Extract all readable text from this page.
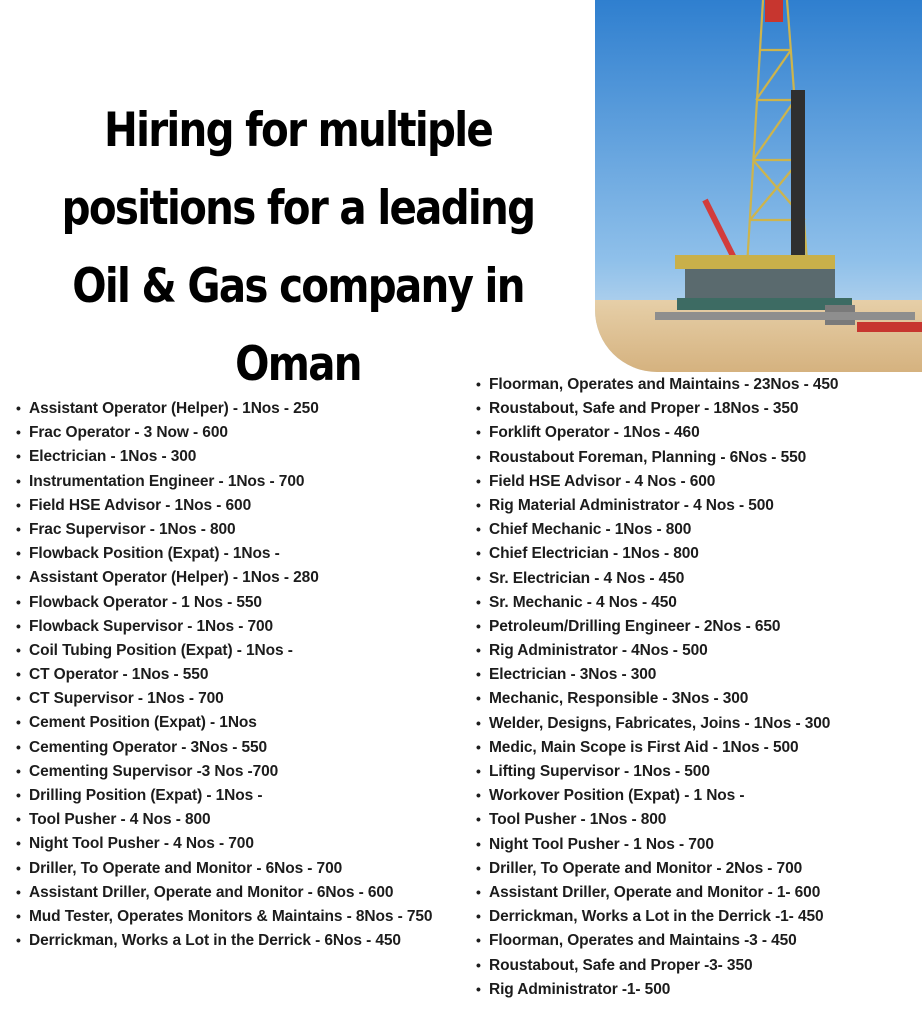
Hiring for multiple positions for a leading Oil & Gas company in Oman
• Assistant Operator (Helper) - 1Nos - 250
• Frac Operator - 3 Now - 600
• Electrician - 1Nos - 300
• Instrumentation Engineer - 1Nos - 700
• Field HSE Advisor - 1Nos - 600
• Frac Supervisor - 1Nos - 800
• Flowback Position (Expat) - 1Nos -
• Assistant Operator (Helper) - 1Nos - 280
• Flowback Operator - 1 Nos - 550
• Flowback Supervisor - 1Nos - 700
• Coil Tubing Position (Expat) - 1Nos -
• CT Operator - 1Nos - 550
• CT Supervisor - 1Nos - 700
• Cement Position (Expat) - 1Nos
• Cementing Operator - 3Nos - 550
• Cementing Supervisor -3 Nos -700
• Drilling Position (Expat) - 1Nos -
• Tool Pusher - 4 Nos - 800
• Night Tool Pusher - 4 Nos - 700
• Driller, To Operate and Monitor - 6Nos - 700
• Assistant Driller, Operate and Monitor - 6Nos - 600
• Mud Tester, Operates Monitors & Maintains - 8Nos - 750
• Derrickman, Works a Lot in the Derrick - 6Nos - 450
• Floorman, Operates and Maintains - 23Nos - 450
• Roustabout, Safe and Proper - 18Nos - 350
• Forklift Operator - 1Nos - 460
• Roustabout Foreman, Planning - 6Nos - 550
• Field HSE Advisor - 4 Nos - 600
• Rig Material Administrator - 4 Nos - 500
• Chief Mechanic - 1Nos - 800
• Chief Electrician - 1Nos - 800
• Sr. Electrician - 4 Nos - 450
• Sr. Mechanic - 4 Nos - 450
• Petroleum/Drilling Engineer - 2Nos - 650
• Rig Administrator - 4Nos - 500
• Electrician - 3Nos - 300
• Mechanic, Responsible - 3Nos - 300
• Welder, Designs, Fabricates, Joins - 1Nos - 300
• Medic, Main Scope is First Aid - 1Nos - 500
• Lifting Supervisor - 1Nos - 500
• Workover Position (Expat) - 1 Nos -
• Tool Pusher - 1Nos - 800
• Night Tool Pusher - 1 Nos - 700
• Driller, To Operate and Monitor - 2Nos - 700
• Assistant Driller, Operate and Monitor - 1- 600
• Derrickman, Works a Lot in the Derrick -1- 450
• Floorman, Operates and Maintains -3 - 450
• Roustabout, Safe and Proper -3- 350
• Rig Administrator -1- 500
